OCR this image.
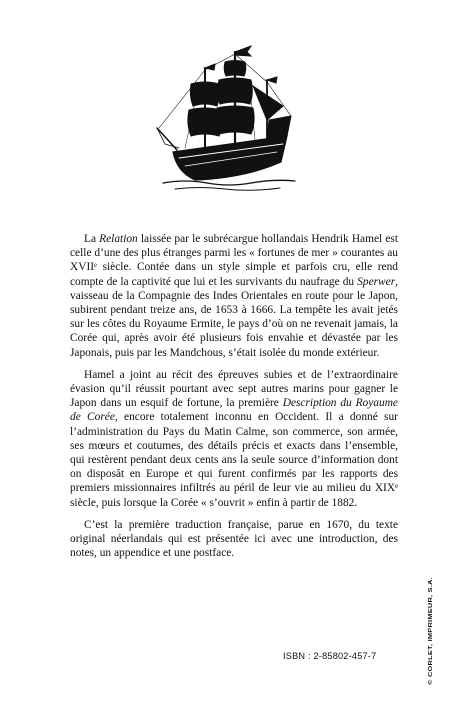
La Relation laissée par le subrécargue hollandais Hendrik Hamel est celle d’une des plus étranges parmi les « fortunes de mer » courantes au XVIIᵉ siècle. Contée dans un style simple et parfois cru, elle rend compte de la captivité que lui et les survivants du naufrage du Sperwer, vaisseau de la Compagnie des Indes Orientales en route pour le Japon, subirent pendant treize ans, de 1653 à 1666. La tempête les avait jetés sur les côtes du Royaume Ermite, le pays d’où on ne revenait jamais, la Corée qui, après avoir été plusieurs fois envahie et dévastée par les Japonais, puis par les Mandchous, s’était isolée du monde extérieur.

Hamel a joint au récit des épreuves subies et de l’extraordinaire évasion qu’il réussit pourtant avec sept autres marins pour gagner le Japon dans un esquif de fortune, la première Description du Royaume de Corée, encore totalement inconnu en Occident. Il a donné sur l’administration du Pays du Matin Calme, son commerce, son armée, ses mœurs et coutumes, des détails précis et exacts dans l’ensemble, qui restèrent pendant deux cents ans la seule source d’information dont on disposât en Europe et qui furent confirmés par les rapports des premiers missionnaires infiltrés au péril de leur vie au milieu du XIXᵉ siècle, puis lorsque la Corée « s’ouvrit » enfin à partir de 1882.

C’est la première traduction française, parue en 1670, du texte original néerlandais qui est présentée ici avec une introduction, des notes, un appendice et une postface.

ISBN : 2-85802-457-7	© CORLET, IMPRIMEUR, S.A.
